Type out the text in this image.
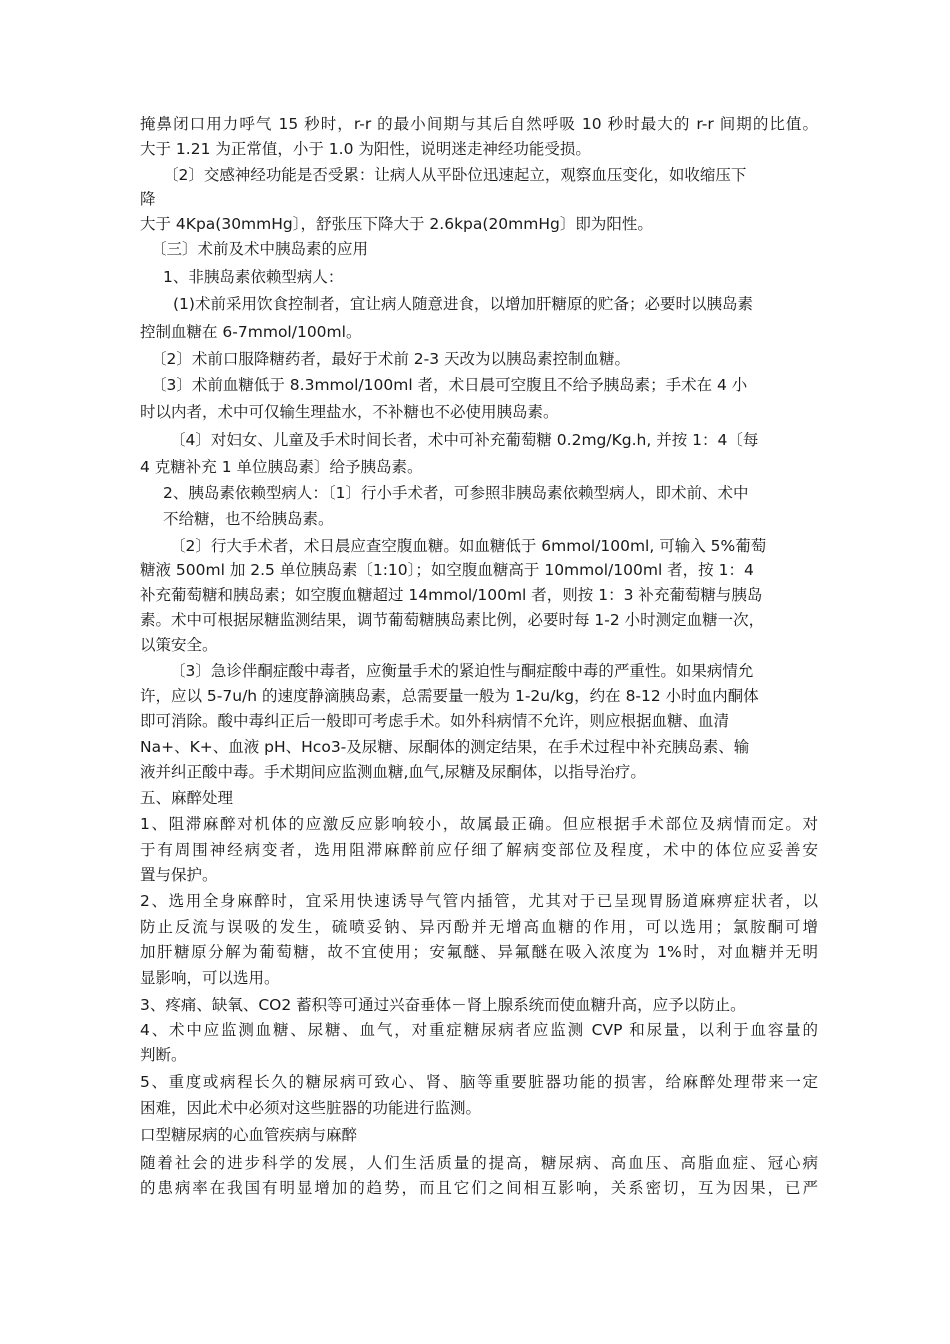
掩鼻闭口用力呼气 15 秒时，r-r 的最小间期与其后自然呼吸 10 秒时最大的 r-r 间期的比值。
大于 1.21 为正常值，小于 1.0 为阳性，说明迷走神经功能受损。
〔2〕交感神经功能是否受累：让病人从平卧位迅速起立，观察血压变化，如收缩压下
降
大于 4Kpa(30mmHg〕，舒张压下降大于 2.6kpa(20mmHg〕即为阳性。
〔三〕术前及术中胰岛素的应用
1、非胰岛素依赖型病人：
(1)术前采用饮食控制者，宜让病人随意进食，以增加肝糖原的贮备；必要时以胰岛素
控制血糖在 6-7mmol/100ml。
〔2〕术前口服降糖药者，最好于术前 2-3 天改为以胰岛素控制血糖。
〔3〕术前血糖低于 8.3mmol/100ml 者，术日晨可空腹且不给予胰岛素；手术在 4 小
时以内者，术中可仅输生理盐水，不补糖也不必使用胰岛素。
〔4〕对妇女、儿童及手术时间长者，术中可补充葡萄糖 0.2mg/Kg.h, 并按 1：4〔每
4 克糖补充 1 单位胰岛素〕给予胰岛素。
2、胰岛素依赖型病人：〔1〕行小手术者，可参照非胰岛素依赖型病人，即术前、术中
不给糖，也不给胰岛素。
〔2〕行大手术者，术日晨应查空腹血糖。如血糖低于 6mmol/100ml, 可输入 5%葡萄
糖液 500ml 加 2.5 单位胰岛素〔1:10〕；如空腹血糖高于 10mmol/100ml 者，按 1：4
补充葡萄糖和胰岛素；如空腹血糖超过 14mmol/100ml 者，则按 1：3 补充葡萄糖与胰岛
素。术中可根据尿糖监测结果，调节葡萄糖胰岛素比例，必要时每 1-2 小时测定血糖一次，
以策安全。
〔3〕急诊伴酮症酸中毒者，应衡量手术的紧迫性与酮症酸中毒的严重性。如果病情允
许，应以 5-7u/h 的速度静滴胰岛素，总需要量一般为 1-2u/kg，约在 8-12 小时血内酮体
即可消除。酸中毒纠正后一般即可考虑手术。如外科病情不允许，则应根据血糖、血清
Na+、K+、血液 pH、Hco3-及尿糖、尿酮体的测定结果，在手术过程中补充胰岛素、输
液并纠正酸中毒。手术期间应监测血糖,血气,尿糖及尿酮体，以指导治疗。
五、麻醉处理
1、阻滞麻醉对机体的应激反应影响较小，故属最正确。但应根据手术部位及病情而定。对
于有周围神经病变者，选用阻滞麻醉前应仔细了解病变部位及程度，术中的体位应妥善安
置与保护。
2、选用全身麻醉时，宜采用快速诱导气管内插管，尤其对于已呈现胃肠道麻痹症状者，以
防止反流与误吸的发生，硫喷妥钠、异丙酚并无增高血糖的作用，可以选用；氯胺酮可增
加肝糖原分解为葡萄糖，故不宜使用；安氟醚、异氟醚在吸入浓度为 1%时，对血糖并无明
显影响，可以选用。
3、疼痛、缺氧、CO2 蓄积等可通过兴奋垂体－肾上腺系统而使血糖升高，应予以防止。
4、术中应监测血糖、尿糖、血气，对重症糖尿病者应监测 CVP 和尿量，以利于血容量的
判断。
5、重度或病程长久的糖尿病可致心、肾、脑等重要脏器功能的损害，给麻醉处理带来一定
困难，因此术中必须对这些脏器的功能进行监测。
口型糖尿病的心血管疾病与麻醉
随着社会的进步科学的发展，人们生活质量的提高，糖尿病、高血压、高脂血症、冠心病
的患病率在我国有明显增加的趋势，而且它们之间相互影响，关系密切，互为因果，已严
